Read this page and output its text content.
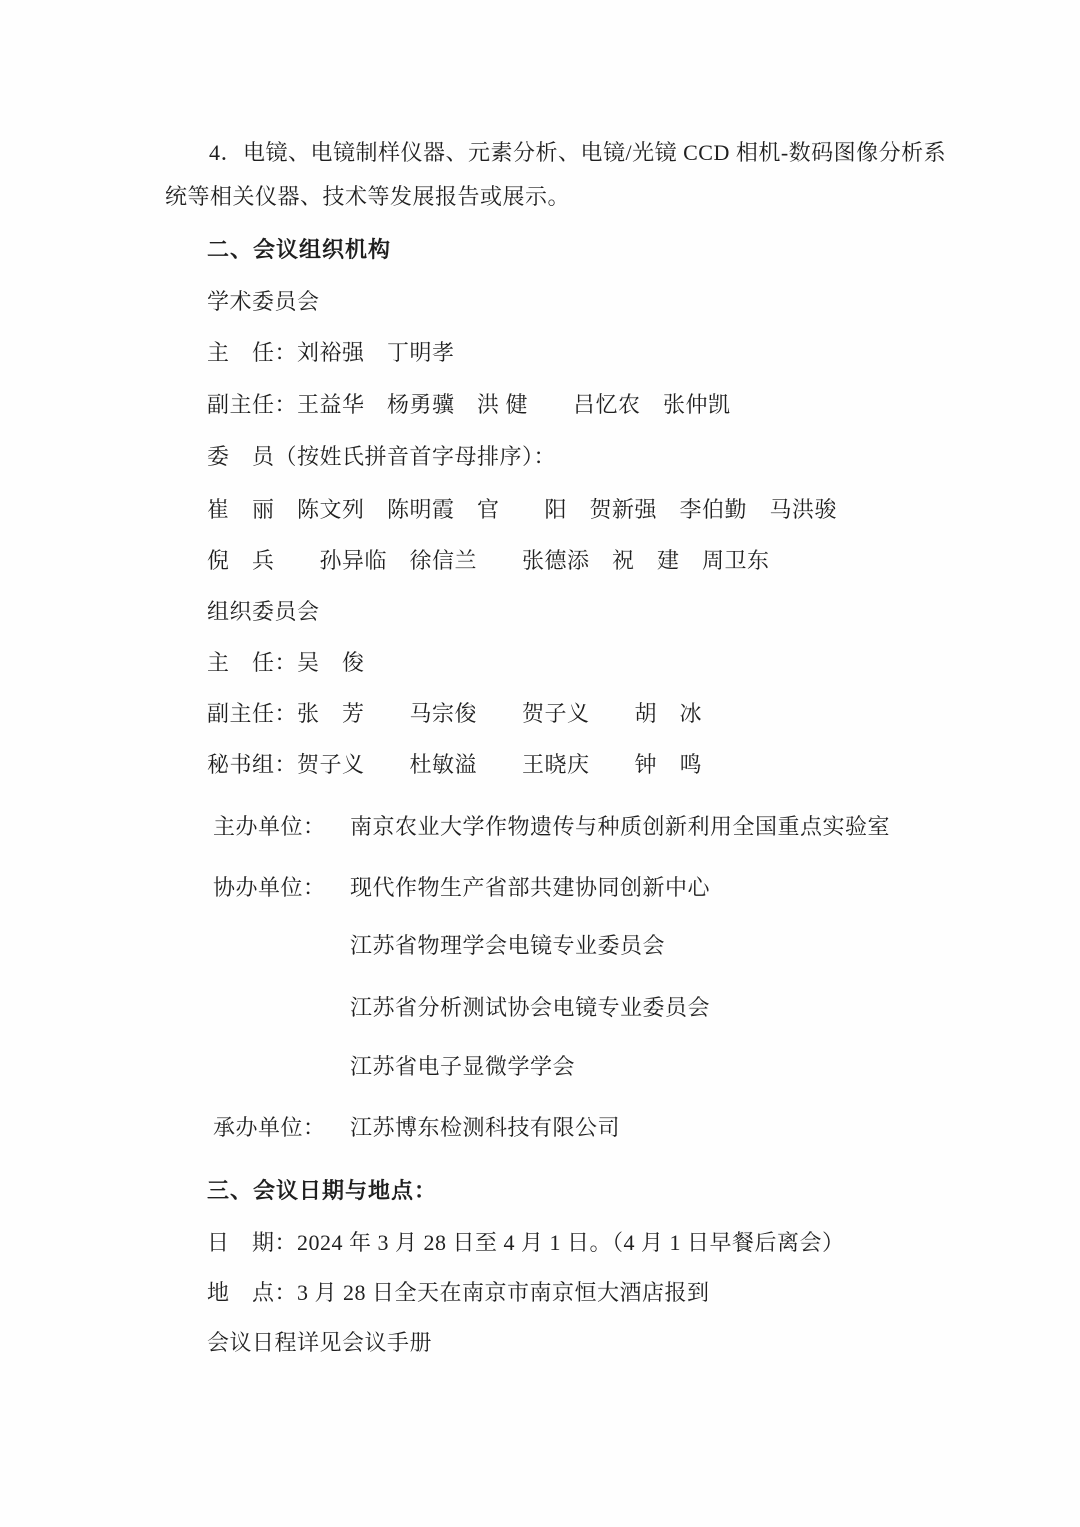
4．电镜、电镜制样仪器、元素分析、电镜/光镜 CCD 相机-数码图像分析系
统等相关仪器、技术等发展报告或展示。
二、会议组织机构
学术委员会
主　任：刘裕强　丁明孝
副主任：王益华　杨勇骥　洪 健　　吕忆农　张仲凯
委　员（按姓氏拼音首字母排序）：
崔　丽　陈文列　陈明霞　官　　阳　贺新强　李伯勤　马洪骏
倪　兵　　孙异临　徐信兰　　张德添　祝　建　周卫东
组织委员会
主　任：吴　俊
副主任：张　芳　　马宗俊　　贺子义　　胡　冰
秘书组：贺子义　　杜敏溢　　王晓庆　　钟　鸣
主办单位： 南京农业大学作物遗传与种质创新利用全国重点实验室
协办单位： 现代作物生产省部共建协同创新中心
江苏省物理学会电镜专业委员会
江苏省分析测试协会电镜专业委员会
江苏省电子显微学学会
承办单位： 江苏博东检测科技有限公司
三、会议日期与地点：
日　期：2024 年 3 月 28 日至 4 月 1 日。（4 月 1 日早餐后离会）
地　点：3 月 28 日全天在南京市南京恒大酒店报到
会议日程详见会议手册
